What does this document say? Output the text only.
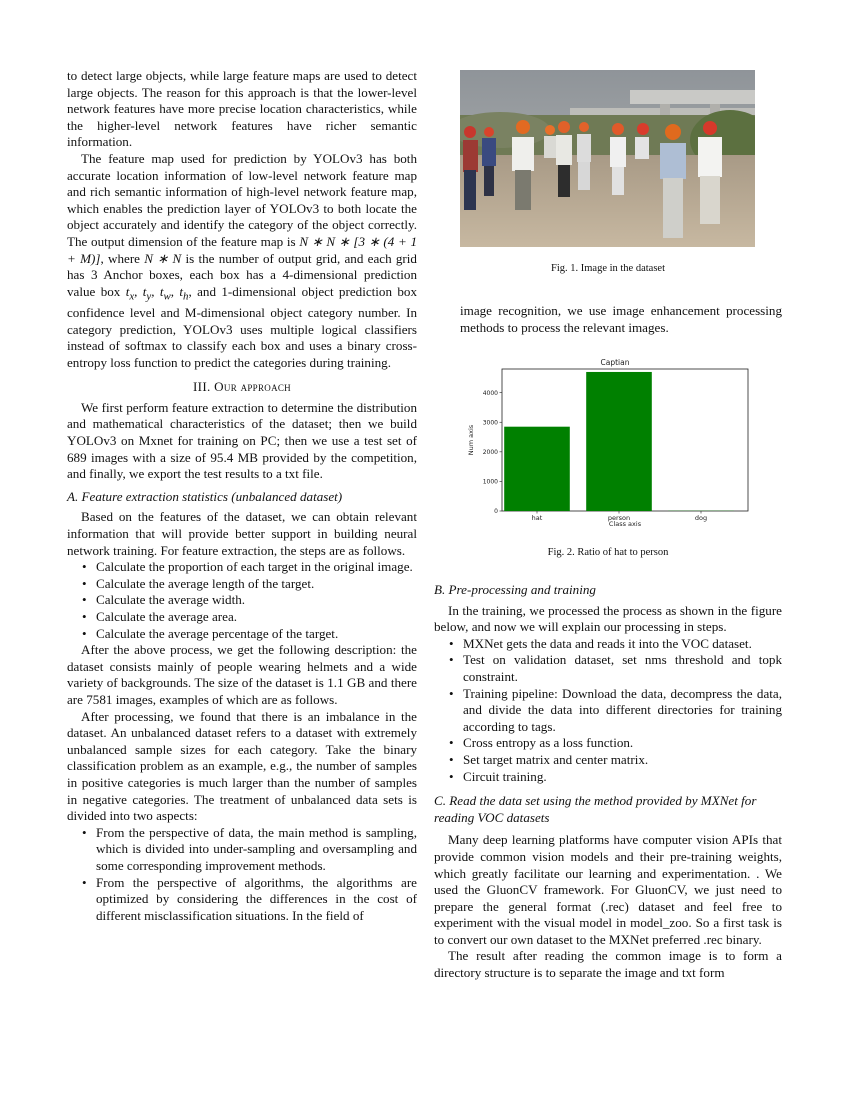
to detect large objects, while large feature maps are used to detect large objects. The reason for this approach is that the lower-level network features have more precise location characteristics, while the higher-level network features have richer semantic information.

The feature map used for prediction by YOLOv3 has both accurate location information of low-level network feature map and rich semantic information of high-level network feature map, which enables the prediction layer of YOLOv3 to both locate the object accurately and identify the category of the object correctly. The output dimension of the feature map is N ∗ N ∗ [3 ∗ (4 + 1 + M)], where N ∗ N is the number of output grid, and each grid has 3 Anchor boxes, each box has a 4-dimensional prediction value box $t_x$, $t_y$, $t_w$, $t_h$, and 1-dimensional object prediction box confidence level and M-dimensional object category number. In category prediction, YOLOv3 uses multiple logical classifiers instead of softmax to classify each box and uses a binary cross-entropy loss function to predict the categories during training.

III. Our approach

We first perform feature extraction to determine the distribution and mathematical characteristics of the dataset; then we build YOLOv3 on Mxnet for training on PC; then we use a test set of 689 images with a size of 95.4 MB provided by the competition, and finally, we export the test results to a txt file.

A. Feature extraction statistics (unbalanced dataset)

Based on the features of the dataset, we can obtain relevant information that will provide better support in building neural network training. For feature extraction, the steps are as follows.

• Calculate the proportion of each target in the original image.
• Calculate the average length of the target.
• Calculate the average width.
• Calculate the average area.
• Calculate the average percentage of the target.

After the above process, we get the following description: the dataset consists mainly of people wearing helmets and a wide variety of backgrounds. The size of the dataset is 1.1 GB and there are 7581 images, examples of which are as follows.

After processing, we found that there is an imbalance in the dataset. An unbalanced dataset refers to a dataset with extremely unbalanced sample sizes for each category. Take the binary classification problem as an example, e.g., the number of samples in positive categories is much larger than the number of samples in negative categories. The treatment of unbalanced data sets is divided into two aspects:

• From the perspective of data, the main method is sampling, which is divided into under-sampling and oversampling and some corresponding improvement methods.
• From the perspective of algorithms, the algorithms are optimized by considering the differences in the cost of different misclassification situations. In the field of
Fig. 1. Image in the dataset

image recognition, we use image enhancement processing methods to process the relevant images.

Captian
0
1000
2000
3000
4000
hat	person	dog
Class axis
Num axis
Fig. 2. Ratio of hat to person
B. Pre-processing and training

In the training, we processed the process as shown in the figure below, and now we will explain our processing in steps.

• MXNet gets the data and reads it into the VOC dataset.
• Test on validation dataset, set nms threshold and topk constraint.
• Training pipeline: Download the data, decompress the data, and divide the data into different directories for training according to tags.
• Cross entropy as a loss function.
• Set target matrix and center matrix.
• Circuit training.
C. Read the data set using the method provided by MXNet for reading VOC datasets

Many deep learning platforms have computer vision APIs that provide common vision models and their pre-training weights, which greatly facilitate our learning and experimentation. . We used the GluonCV framework. For GluonCV, we just need to prepare the general format (.rec) dataset and feel free to experiment with the visual model in model_zoo. So a first task is to convert our own dataset to the MXNet preferred .rec binary.

The result after reading the common image is to form a directory structure is to separate the image and txt form
